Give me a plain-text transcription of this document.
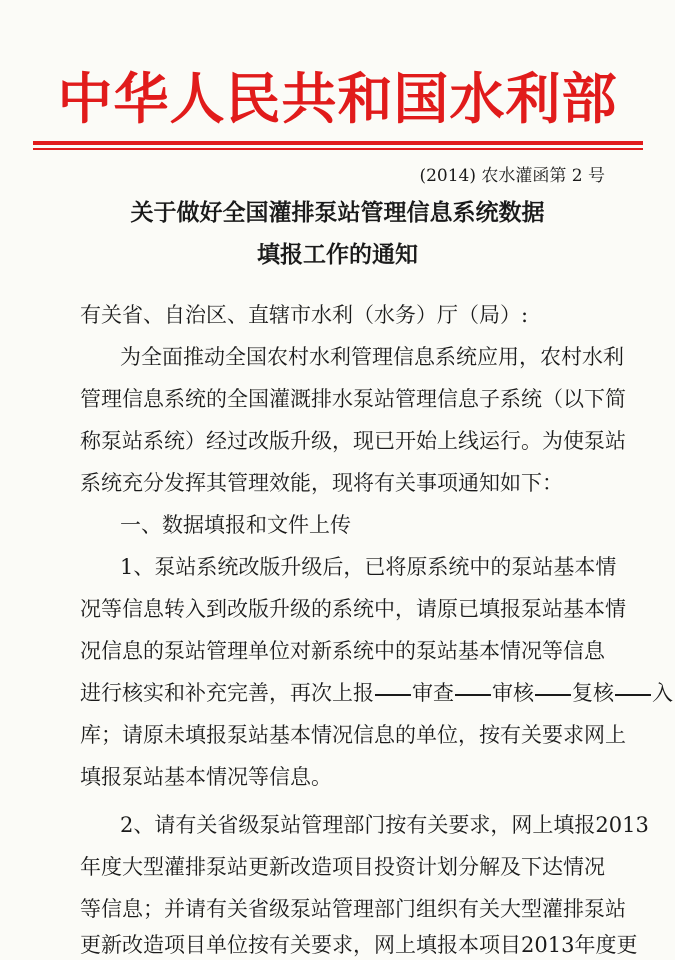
中华人民共和国水利部
(2014) 农水灌函第 2 号
关于做好全国灌排泵站管理信息系统数据
填报工作的通知
有关省、自治区、直辖市水利（水务）厅（局）:
为全面推动全国农村水利管理信息系统应用，农村水利
管理信息系统的全国灌溉排水泵站管理信息子系统（以下简
称泵站系统）经过改版升级，现已开始上线运行。为使泵站
系统充分发挥其管理效能，现将有关事项通知如下：
一、数据填报和文件上传
1、泵站系统改版升级后，已将原系统中的泵站基本情
况等信息转入到改版升级的系统中，请原已填报泵站基本情
况信息的泵站管理单位对新系统中的泵站基本情况等信息
进行核实和补充完善，再次上报 审查 审核 复核 入
库；请原未填报泵站基本情况信息的单位，按有关要求网上
填报泵站基本情况等信息。
2、请有关省级泵站管理部门按有关要求，网上填报2013
年度大型灌排泵站更新改造项目投资计划分解及下达情况
等信息；并请有关省级泵站管理部门组织有关大型灌排泵站
更新改造项目单位按有关要求，网上填报本项目2013年度更
